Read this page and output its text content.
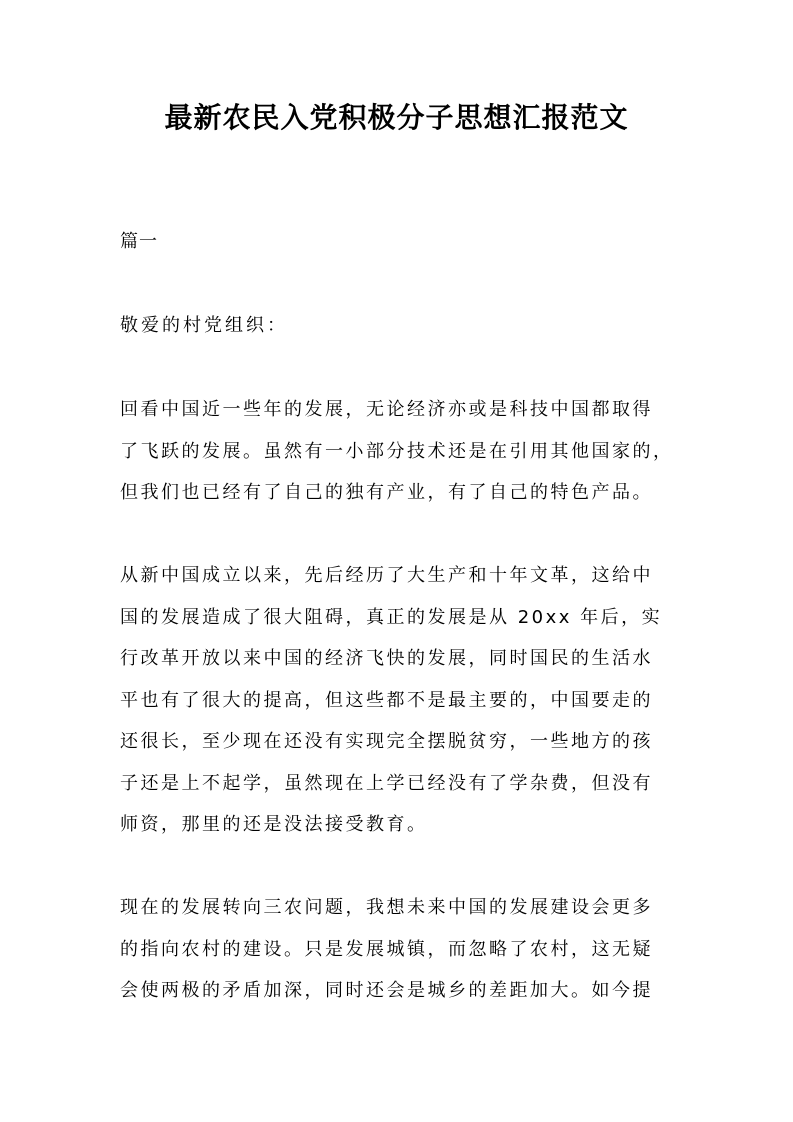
最新农民入党积极分子思想汇报范文
篇一
敬爱的村党组织：
回看中国近一些年的发展，无论经济亦或是科技中国都取得
了飞跃的发展。虽然有一小部分技术还是在引用其他国家的，
但我们也已经有了自己的独有产业，有了自己的特色产品。
从新中国成立以来，先后经历了大生产和十年文革，这给中
国的发展造成了很大阻碍，真正的发展是从 20xx 年后，实
行改革开放以来中国的经济飞快的发展，同时国民的生活水
平也有了很大的提高，但这些都不是最主要的，中国要走的
还很长，至少现在还没有实现完全摆脱贫穷，一些地方的孩
子还是上不起学，虽然现在上学已经没有了学杂费，但没有
师资，那里的还是没法接受教育。
现在的发展转向三农问题，我想未来中国的发展建设会更多
的指向农村的建设。只是发展城镇，而忽略了农村，这无疑
会使两极的矛盾加深，同时还会是城乡的差距加大。如今提
